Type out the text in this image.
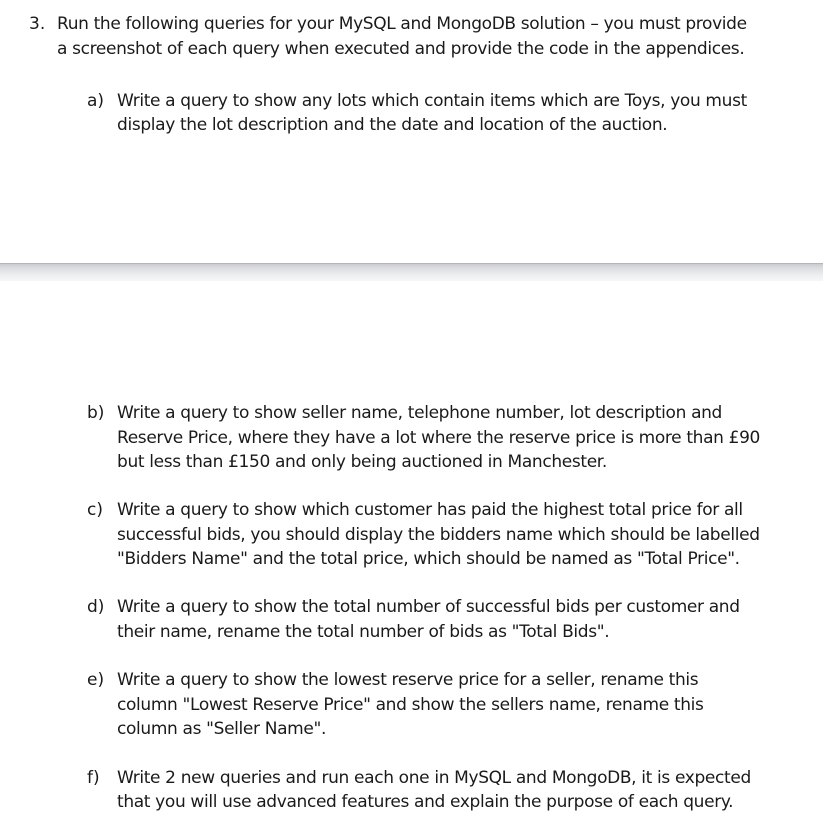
3. Run the following queries for your MySQL and MongoDB solution – you must provide
a screenshot of each query when executed and provide the code in the appendices.
a) Write a query to show any lots which contain items which are Toys, you must
display the lot description and the date and location of the auction.
b) Write a query to show seller name, telephone number, lot description and
Reserve Price, where they have a lot where the reserve price is more than £90
but less than £150 and only being auctioned in Manchester.
c) Write a query to show which customer has paid the highest total price for all
successful bids, you should display the bidders name which should be labelled
"Bidders Name" and the total price, which should be named as "Total Price".
d) Write a query to show the total number of successful bids per customer and
their name, rename the total number of bids as "Total Bids".
e) Write a query to show the lowest reserve price for a seller, rename this
column "Lowest Reserve Price" and show the sellers name, rename this
column as "Seller Name".
f) Write 2 new queries and run each one in MySQL and MongoDB, it is expected
that you will use advanced features and explain the purpose of each query.
